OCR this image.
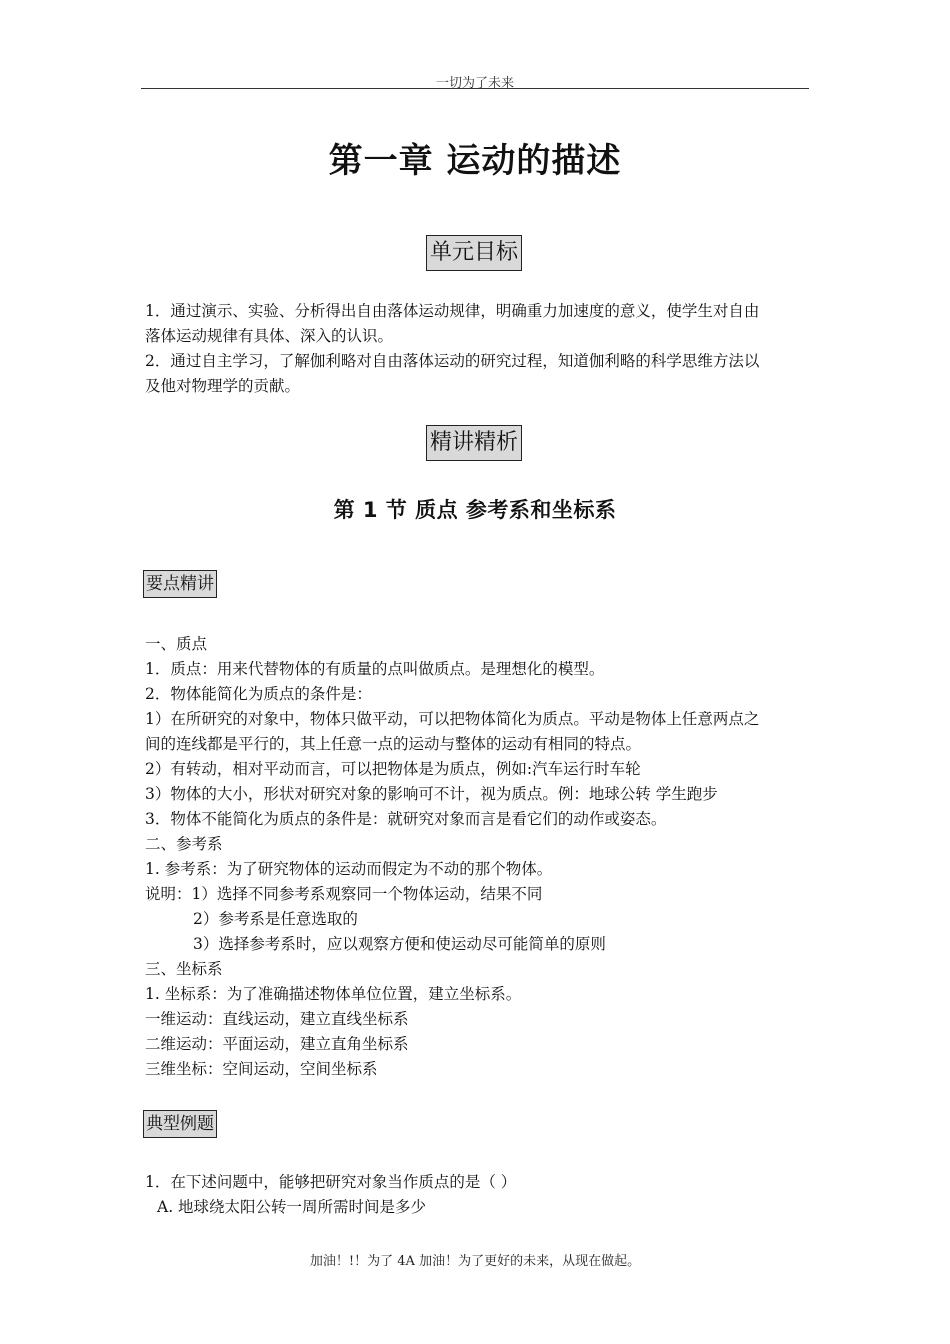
一切为了未来
第一章 运动的描述
单元目标

1．通过演示、实验、分析得出自由落体运动规律，明确重力加速度的意义，使学生对自由

落体运动规律有具体、深入的认识。

2．通过自主学习，了解伽利略对自由落体运动的研究过程，知道伽利略的科学思维方法以

及他对物理学的贡献。

精讲精析
第 1 节 质点 参考系和坐标系
要点精讲

一、质点

1．质点：用来代替物体的有质量的点叫做质点。是理想化的模型。

2．物体能简化为质点的条件是：

1）在所研究的对象中，物体只做平动，可以把物体简化为质点。平动是物体上任意两点之

间的连线都是平行的，其上任意一点的运动与整体的运动有相同的特点。

2）有转动，相对平动而言，可以把物体是为质点，例如:汽车运行时车轮

3）物体的大小，形状对研究对象的影响可不计，视为质点。例：地球公转 学生跑步

3．物体不能简化为质点的条件是：就研究对象而言是看它们的动作或姿态。

二、参考系

1. 参考系：为了研究物体的运动而假定为不动的那个物体。

说明：1）选择不同参考系观察同一个物体运动，结果不同

2）参考系是任意选取的

3）选择参考系时，应以观察方便和使运动尽可能简单的原则

三、坐标系

1. 坐标系：为了准确描述物体单位位置，建立坐标系。

一维运动：直线运动，建立直线坐标系

二维运动：平面运动，建立直角坐标系

三维坐标：空间运动，空间坐标系

典型例题

1．在下述问题中，能够把研究对象当作质点的是（ ）

A. 地球绕太阳公转一周所需时间是多少

加油！!！为了 4A 加油！为了更好的未来，从现在做起。
